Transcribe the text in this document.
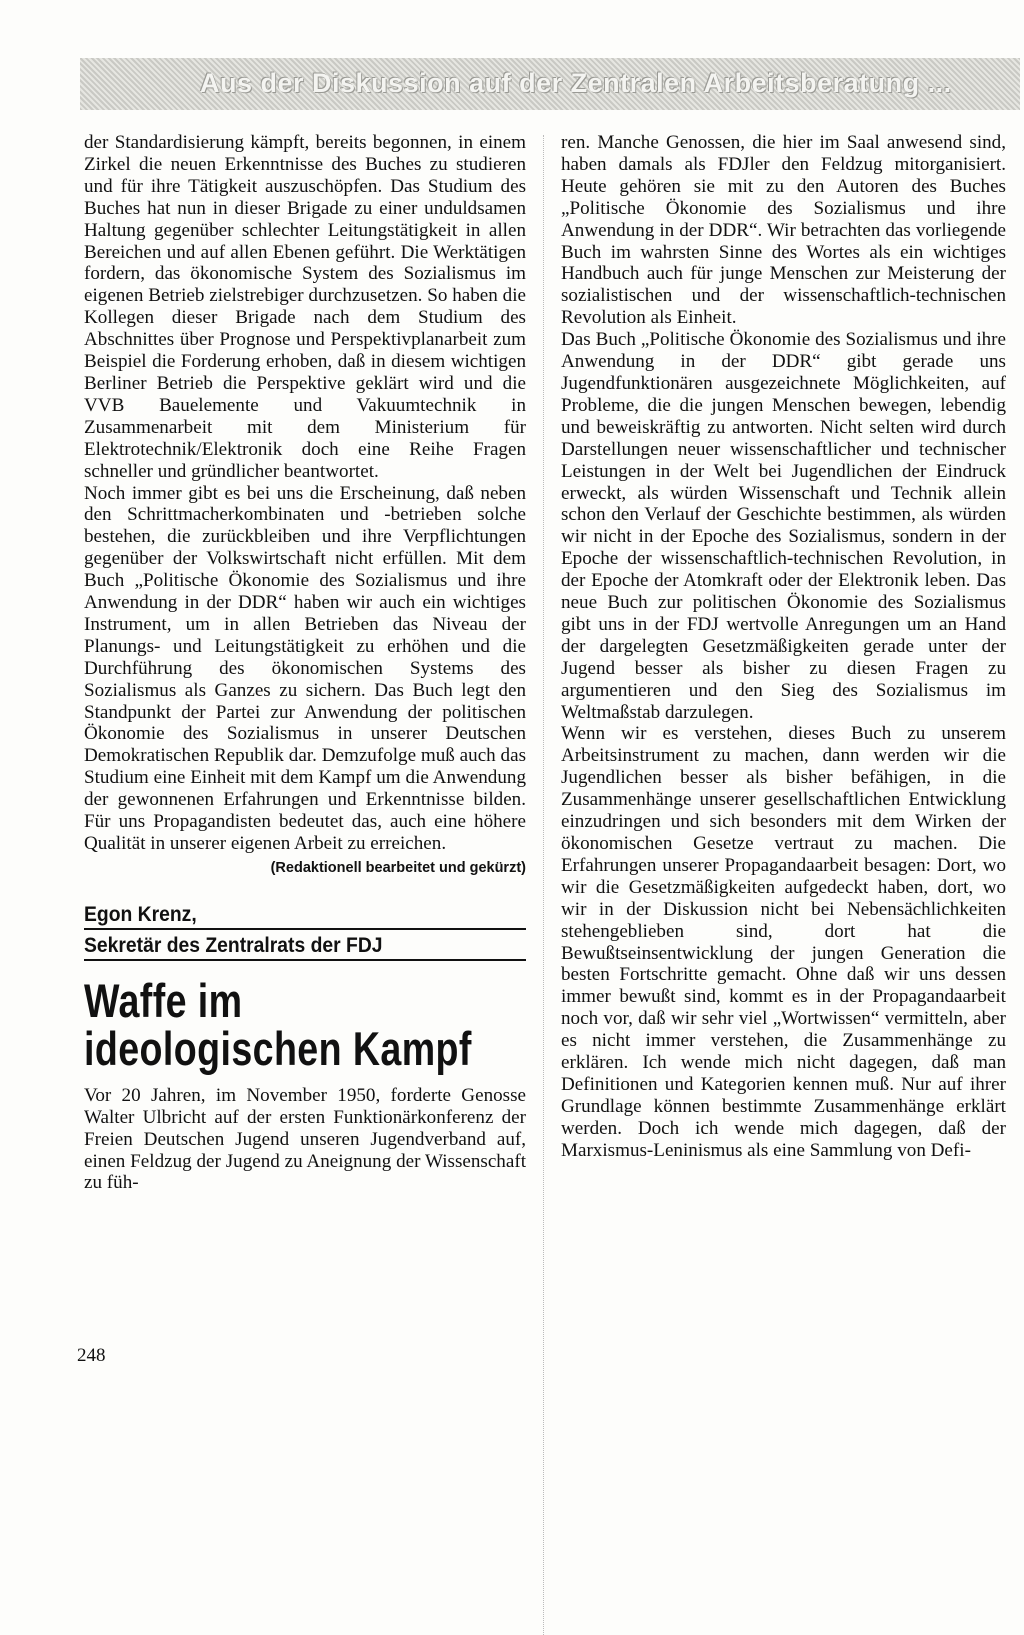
Aus der Diskussion auf der Zentralen Arbeitsberatung ...

der Standardisierung kämpft, bereits begonnen, in einem Zirkel die neuen Erkenntnisse des Buches zu studieren und für ihre Tätigkeit auszuschöpfen. Das Studium des Buches hat nun in dieser Brigade zu einer unduldsamen Haltung gegenüber schlechter Leitungstätigkeit in allen Bereichen und auf allen Ebenen geführt. Die Werktätigen fordern, das ökonomische System des Sozialismus im eigenen Betrieb zielstrebiger durchzusetzen. So haben die Kollegen dieser Brigade nach dem Studium des Abschnittes über Prognose und Perspektivplanarbeit zum Beispiel die Forderung erhoben, daß in diesem wichtigen Berliner Betrieb die Perspektive geklärt wird und die VVB Bauelemente und Vakuumtechnik in Zusammenarbeit mit dem Ministerium für Elektrotechnik/Elektronik doch eine Reihe Fragen schneller und gründlicher beantwortet.

Noch immer gibt es bei uns die Erscheinung, daß neben den Schrittmacherkombinaten und -betrieben solche bestehen, die zurückbleiben und ihre Verpflichtungen gegenüber der Volkswirtschaft nicht erfüllen. Mit dem Buch „Politische Ökonomie des Sozialismus und ihre Anwendung in der DDR“ haben wir auch ein wichtiges Instrument, um in allen Betrieben das Niveau der Planungs- und Leitungstätigkeit zu erhöhen und die Durchführung des ökonomischen Systems des Sozialismus als Ganzes zu sichern. Das Buch legt den Standpunkt der Partei zur Anwendung der politischen Ökonomie des Sozialismus in unserer Deutschen Demokratischen Republik dar. Demzufolge muß auch das Studium eine Einheit mit dem Kampf um die Anwendung der gewonnenen Erfahrungen und Erkenntnisse bilden. Für uns Propagandisten bedeutet das, auch eine höhere Qualität in unserer eigenen Arbeit zu erreichen.

(Redaktionell bearbeitet und gekürzt)
Egon Krenz,
Sekretär des Zentralrats der FDJ
Waffe im
ideologischen Kampf

Vor 20 Jahren, im November 1950, forderte Genosse Walter Ulbricht auf der ersten Funktionärkonferenz der Freien Deutschen Jugend unseren Jugendverband auf, einen Feldzug der Jugend zu Aneignung der Wissenschaft zu füh-

ren. Manche Genossen, die hier im Saal anwesend sind, haben damals als FDJler den Feldzug mitorganisiert. Heute gehören sie mit zu den Autoren des Buches „Politische Ökonomie des Sozialismus und ihre Anwendung in der DDR“. Wir betrachten das vorliegende Buch im wahrsten Sinne des Wortes als ein wichtiges Handbuch auch für junge Menschen zur Meisterung der sozialistischen und der wissenschaftlich-technischen Revolution als Einheit.

Das Buch „Politische Ökonomie des Sozialismus und ihre Anwendung in der DDR“ gibt gerade uns Jugendfunktionären ausgezeichnete Möglichkeiten, auf Probleme, die die jungen Menschen bewegen, lebendig und beweiskräftig zu antworten. Nicht selten wird durch Darstellungen neuer wissenschaftlicher und technischer Leistungen in der Welt bei Jugendlichen der Eindruck erweckt, als würden Wissenschaft und Technik allein schon den Verlauf der Geschichte bestimmen, als würden wir nicht in der Epoche des Sozialismus, sondern in der Epoche der wissenschaftlich-technischen Revolution, in der Epoche der Atomkraft oder der Elektronik leben. Das neue Buch zur politischen Ökonomie des Sozialismus gibt uns in der FDJ wertvolle Anregungen um an Hand der dargelegten Gesetzmäßigkeiten gerade unter der Jugend besser als bisher zu diesen Fragen zu argumentieren und den Sieg des Sozialismus im Weltmaßstab darzulegen.

Wenn wir es verstehen, dieses Buch zu unserem Arbeitsinstrument zu machen, dann werden wir die Jugendlichen besser als bisher befähigen, in die Zusammenhänge unserer gesellschaftlichen Entwicklung einzudringen und sich besonders mit dem Wirken der ökonomischen Gesetze vertraut zu machen. Die Erfahrungen unserer Propagandaarbeit besagen: Dort, wo wir die Gesetzmäßigkeiten aufgedeckt haben, dort, wo wir in der Diskussion nicht bei Nebensächlichkeiten stehengeblieben sind, dort hat die Bewußtseinsentwicklung der jungen Generation die besten Fortschritte gemacht. Ohne daß wir uns dessen immer bewußt sind, kommt es in der Propagandaarbeit noch vor, daß wir sehr viel „Wortwissen“ vermitteln, aber es nicht immer verstehen, die Zusammenhänge zu erklären. Ich wende mich nicht dagegen, daß man Definitionen und Kategorien kennen muß. Nur auf ihrer Grundlage können bestimmte Zusammenhänge erklärt werden. Doch ich wende mich dagegen, daß der Marxismus-Leninismus als eine Sammlung von Defi-

248
